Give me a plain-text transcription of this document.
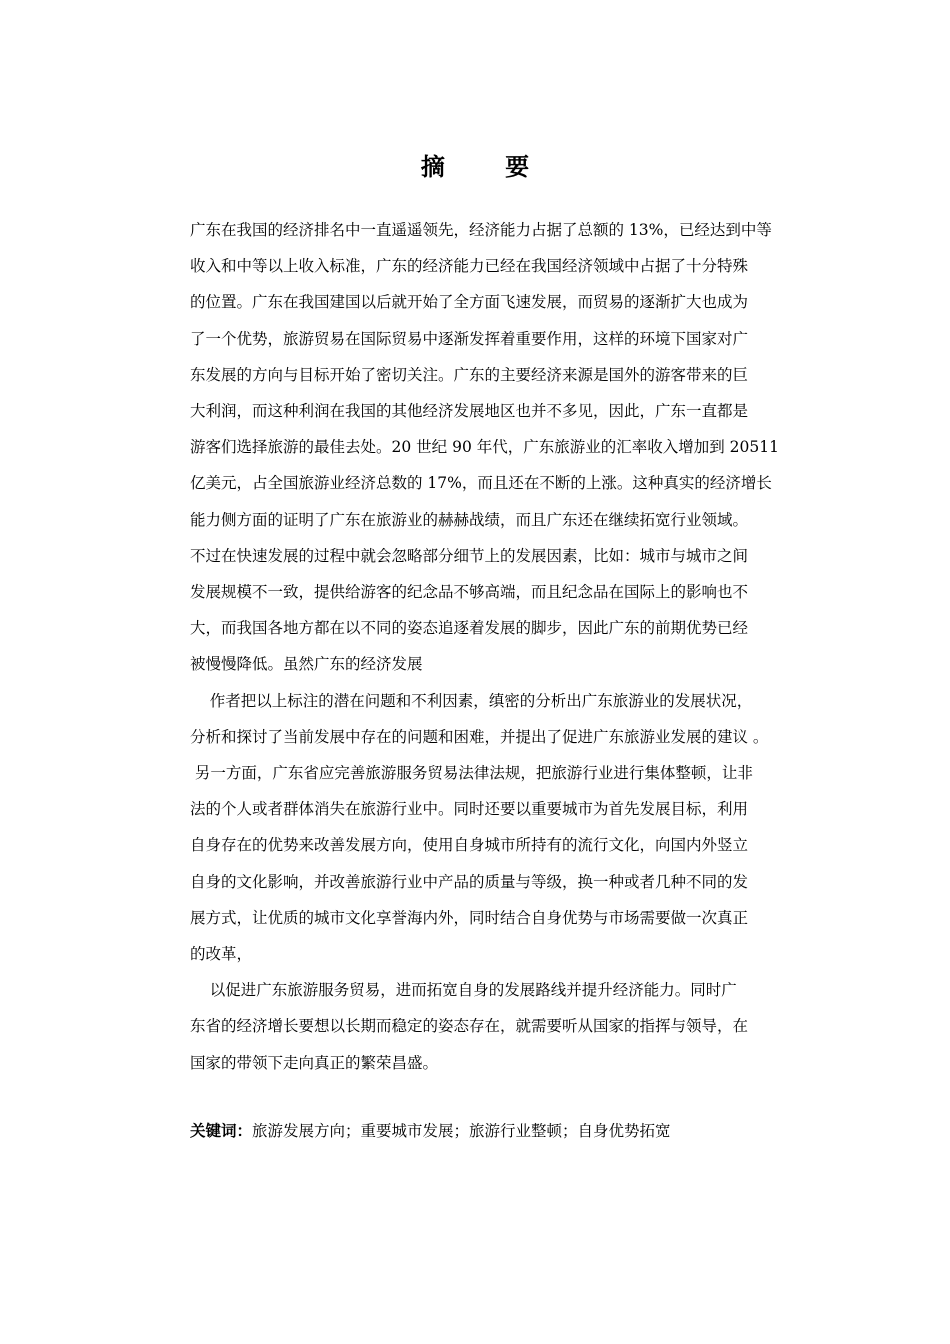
摘 要
广东在我国的经济排名中一直遥遥领先，经济能力占据了总额的 13%，已经达到中等
收入和中等以上收入标准，广东的经济能力已经在我国经济领域中占据了十分特殊
的位置。广东在我国建国以后就开始了全方面飞速发展，而贸易的逐渐扩大也成为
了一个优势，旅游贸易在国际贸易中逐渐发挥着重要作用，这样的环境下国家对广
东发展的方向与目标开始了密切关注。广东的主要经济来源是国外的游客带来的巨
大利润，而这种利润在我国的其他经济发展地区也并不多见，因此，广东一直都是
游客们选择旅游的最佳去处。20 世纪 90 年代，广东旅游业的汇率收入增加到 20511
亿美元，占全国旅游业经济总数的 17%，而且还在不断的上涨。这种真实的经济增长
能力侧方面的证明了广东在旅游业的赫赫战绩，而且广东还在继续拓宽行业领域。
不过在快速发展的过程中就会忽略部分细节上的发展因素，比如：城市与城市之间
发展规模不一致，提供给游客的纪念品不够高端，而且纪念品在国际上的影响也不
大，而我国各地方都在以不同的姿态追逐着发展的脚步，因此广东的前期优势已经
被慢慢降低。虽然广东的经济发展
作者把以上标注的潜在问题和不利因素，缜密的分析出广东旅游业的发展状况，
分析和探讨了当前发展中存在的问题和困难，并提出了促进广东旅游业发展的建议 。
另一方面，广东省应完善旅游服务贸易法律法规，把旅游行业进行集体整顿，让非
法的个人或者群体消失在旅游行业中。同时还要以重要城市为首先发展目标，利用
自身存在的优势来改善发展方向，使用自身城市所持有的流行文化，向国内外竖立
自身的文化影响，并改善旅游行业中产品的质量与等级，换一种或者几种不同的发
展方式，让优质的城市文化享誉海内外，同时结合自身优势与市场需要做一次真正
的改革，
以促进广东旅游服务贸易，进而拓宽自身的发展路线并提升经济能力。同时广
东省的经济增长要想以长期而稳定的姿态存在，就需要听从国家的指挥与领导，在
国家的带领下走向真正的繁荣昌盛。
关键词：旅游发展方向；重要城市发展；旅游行业整顿；自身优势拓宽
